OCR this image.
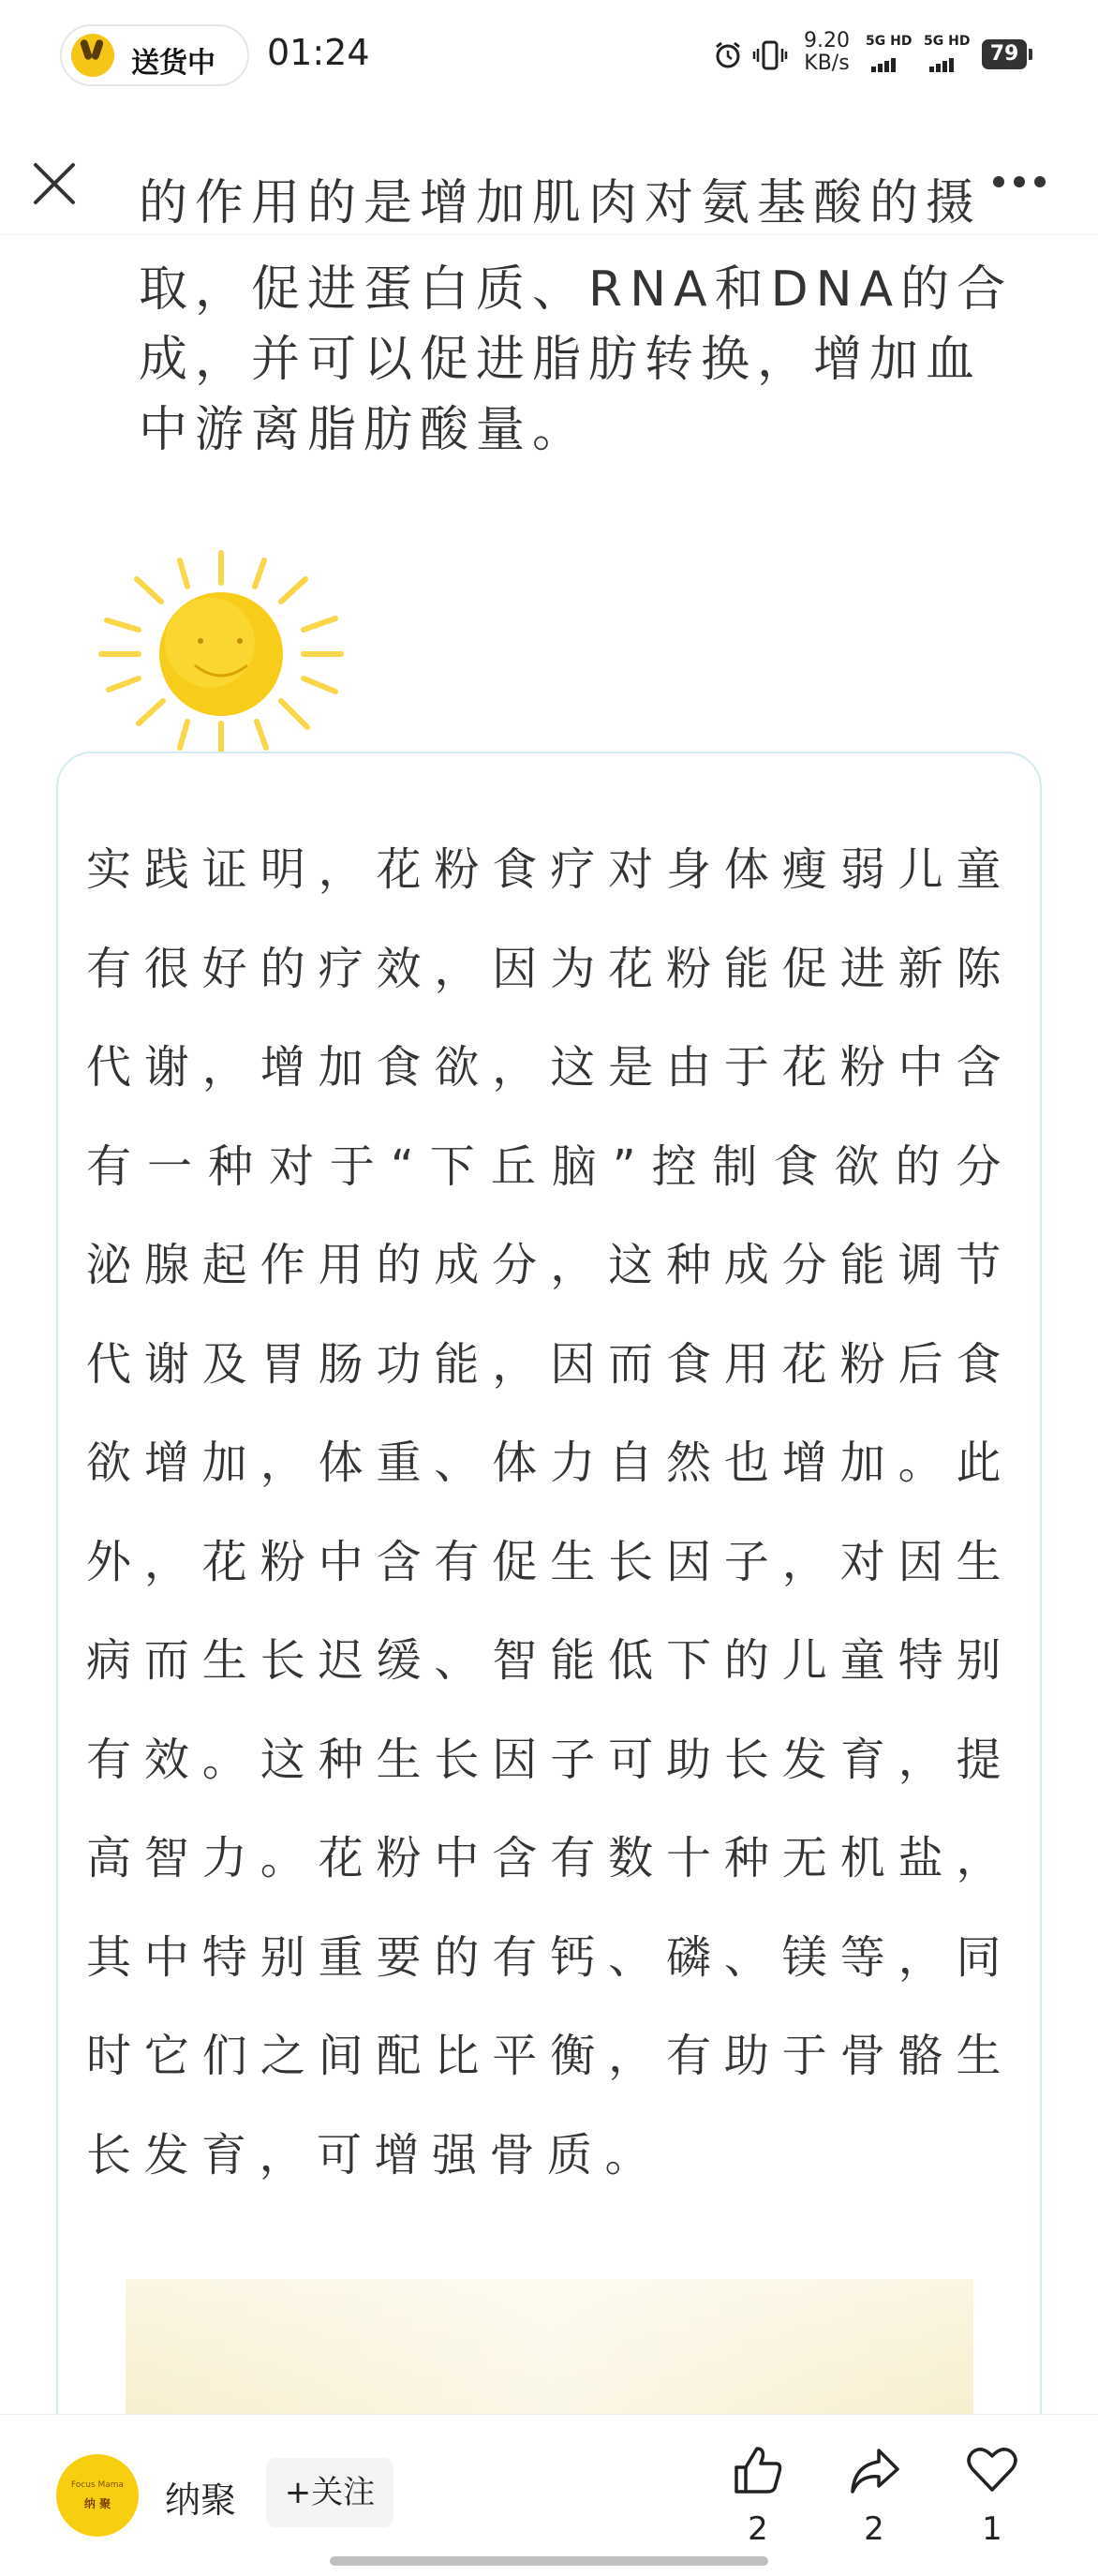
送货中 01:24	9.20
KB/s
5G HD 5G HD
79
的作用的是增加肌肉对氨基酸的摄
取，促进蛋白质、RNA和DNA的合成，并可以促进脂肪转换，增加血中游离脂肪酸量。

实践证明，花粉食疗对身体瘦弱儿童有很好的疗效，因为花粉能促进新陈代谢，增加食欲，这是由于花粉中含有一种对于“下丘脑”控制食欲的分泌腺起作用的成分，这种成分能调节代谢及胃肠功能，因而食用花粉后食欲增加，体重、体力自然也增加。此外，花粉中含有促生长因子，对因生病而生长迟缓、智能低下的儿童特别有效。这种生长因子可助长发育，提高智力。花粉中含有数十种无机盐，其中特别重要的有钙、磷、镁等，同时它们之间配比平衡，有助于骨骼生长发育，可增强骨质。

Focus Mama
纳 聚	纳聚	+关注
2	2	1
